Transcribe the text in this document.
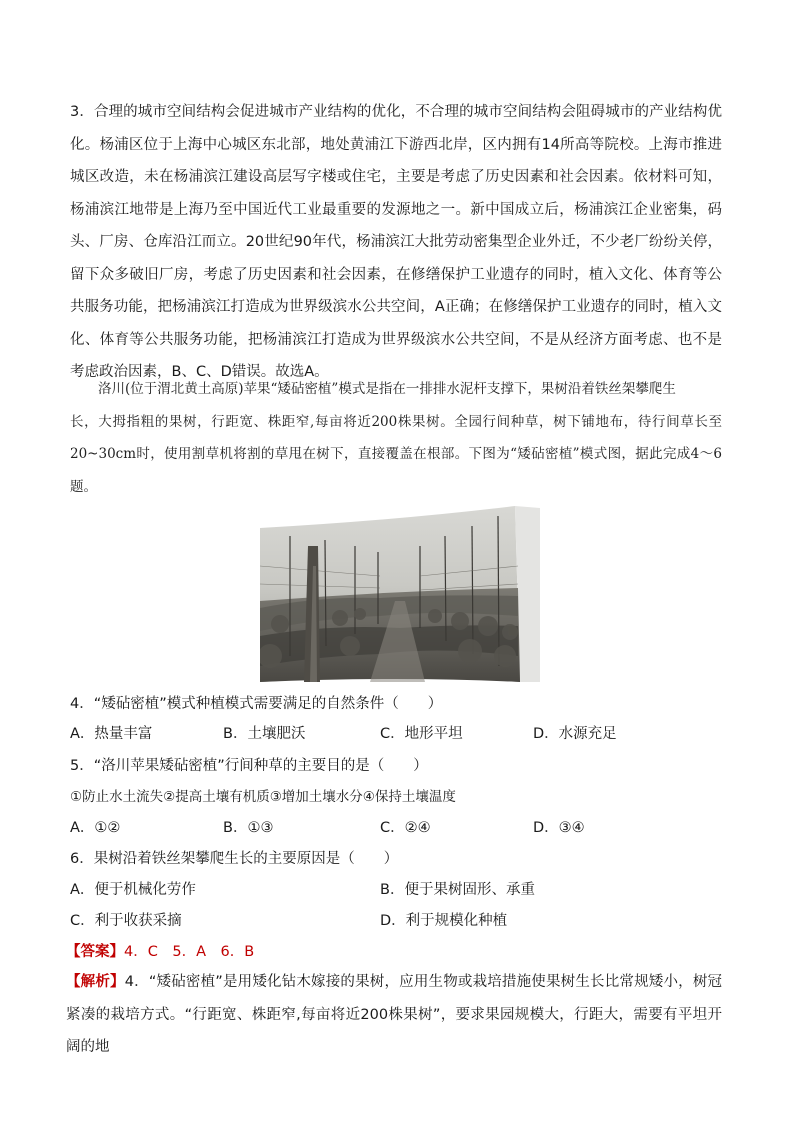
3．合理的城市空间结构会促进城市产业结构的优化，不合理的城市空间结构会阻碍城市的产业结构优化。杨浦区位于上海中心城区东北部，地处黄浦江下游西北岸，区内拥有14所高等院校。上海市推进城区改造，未在杨浦滨江建设高层写字楼或住宅，主要是考虑了历史因素和社会因素。依材料可知，杨浦滨江地带是上海乃至中国近代工业最重要的发源地之一。新中国成立后，杨浦滨江企业密集，码头、厂房、仓库沿江而立。20世纪90年代，杨浦滨江大批劳动密集型企业外迁，不少老厂纷纷关停，留下众多破旧厂房，考虑了历史因素和社会因素，在修缮保护工业遗存的同时，植入文化、体育等公共服务功能，把杨浦滨江打造成为世界级滨水公共空间，A正确；在修缮保护工业遗存的同时，植入文化、体育等公共服务功能，把杨浦滨江打造成为世界级滨水公共空间，不是从经济方面考虑、也不是考虑政治因素，B、C、D错误。故选A。
洛川(位于渭北黄土高原)苹果“矮砧密植”模式是指在一排排水泥杆支撑下，果树沿着铁丝架攀爬生
长，大拇指粗的果树，行距宽、株距窄,每亩将近200株果树。全园行间种草，树下铺地布，待行间草长至20~30cm时，使用割草机将割的草甩在树下，直接覆盖在根部。下图为“矮砧密植”模式图，据此完成4～6题。
4．“矮砧密植”模式种植模式需要满足的自然条件（　　）
A．热量丰富	B．土壤肥沃	C．地形平坦	D．水源充足
5．“洛川苹果矮砧密植”行间种草的主要目的是（　　）
①防止水土流失②提高土壤有机质③增加土壤水分④保持土壤温度
A．①②	B．①③	C．②④	D．③④
6．果树沿着铁丝架攀爬生长的主要原因是（　　）
A．便于机械化劳作	B．便于果树固形、承重
C．利于收获采摘	D．利于规模化种植
【答案】4．C　5．A　6．B
【解析】4．“矮砧密植”是用矮化钻木嫁接的果树，应用生物或栽培措施使果树生长比常规矮小，树冠紧凑的栽培方式。“行距宽、株距窄,每亩将近200株果树”，要求果园规模大，行距大，需要有平坦开阔的地
